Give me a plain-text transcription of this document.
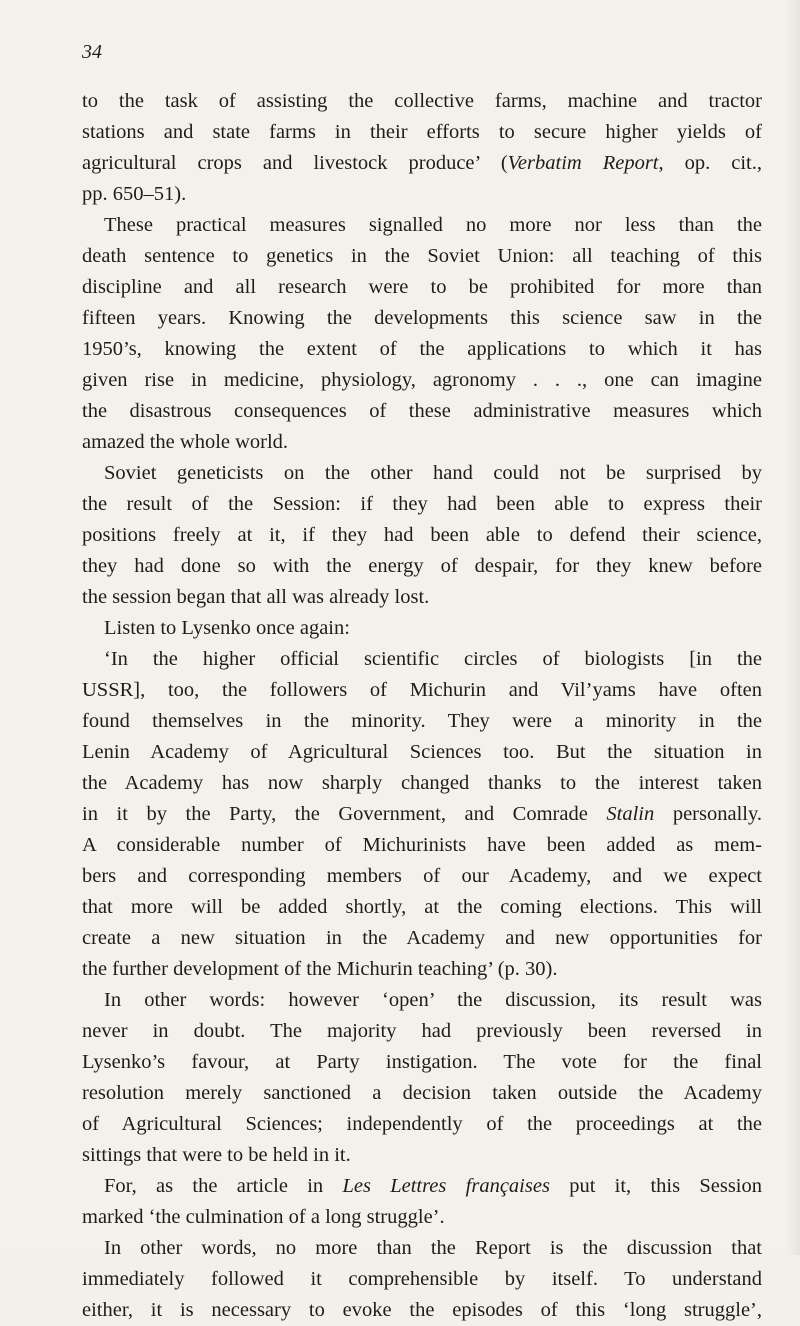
34
to the task of assisting the collective farms, machine and tractor
stations and state farms in their efforts to secure higher yields of
agricultural crops and livestock produce’ (Verbatim Report, op. cit.,
pp. 650–51).
These practical measures signalled no more nor less than the
death sentence to genetics in the Soviet Union: all teaching of this
discipline and all research were to be prohibited for more than
fifteen years. Knowing the developments this science saw in the
1950’s, knowing the extent of the applications to which it has
given rise in medicine, physiology, agronomy . . ., one can imagine
the disastrous consequences of these administrative measures which
amazed the whole world.
Soviet geneticists on the other hand could not be surprised by
the result of the Session: if they had been able to express their
positions freely at it, if they had been able to defend their science,
they had done so with the energy of despair, for they knew before
the session began that all was already lost.
Listen to Lysenko once again:
‘In the higher official scientific circles of biologists [in the
USSR], too, the followers of Michurin and Vil’yams have often
found themselves in the minority. They were a minority in the
Lenin Academy of Agricultural Sciences too. But the situation in
the Academy has now sharply changed thanks to the interest taken
in it by the Party, the Government, and Comrade Stalin personally.
A considerable number of Michurinists have been added as mem-
bers and corresponding members of our Academy, and we expect
that more will be added shortly, at the coming elections. This will
create a new situation in the Academy and new opportunities for
the further development of the Michurin teaching’ (p. 30).
In other words: however ‘open’ the discussion, its result was
never in doubt. The majority had previously been reversed in
Lysenko’s favour, at Party instigation. The vote for the final
resolution merely sanctioned a decision taken outside the Academy
of Agricultural Sciences; independently of the proceedings at the
sittings that were to be held in it.
For, as the article in Les Lettres françaises put it, this Session
marked ‘the culmination of a long struggle’.
In other words, no more than the Report is the discussion that
immediately followed it comprehensible by itself. To understand
either, it is necessary to evoke the episodes of this ‘long struggle’,
